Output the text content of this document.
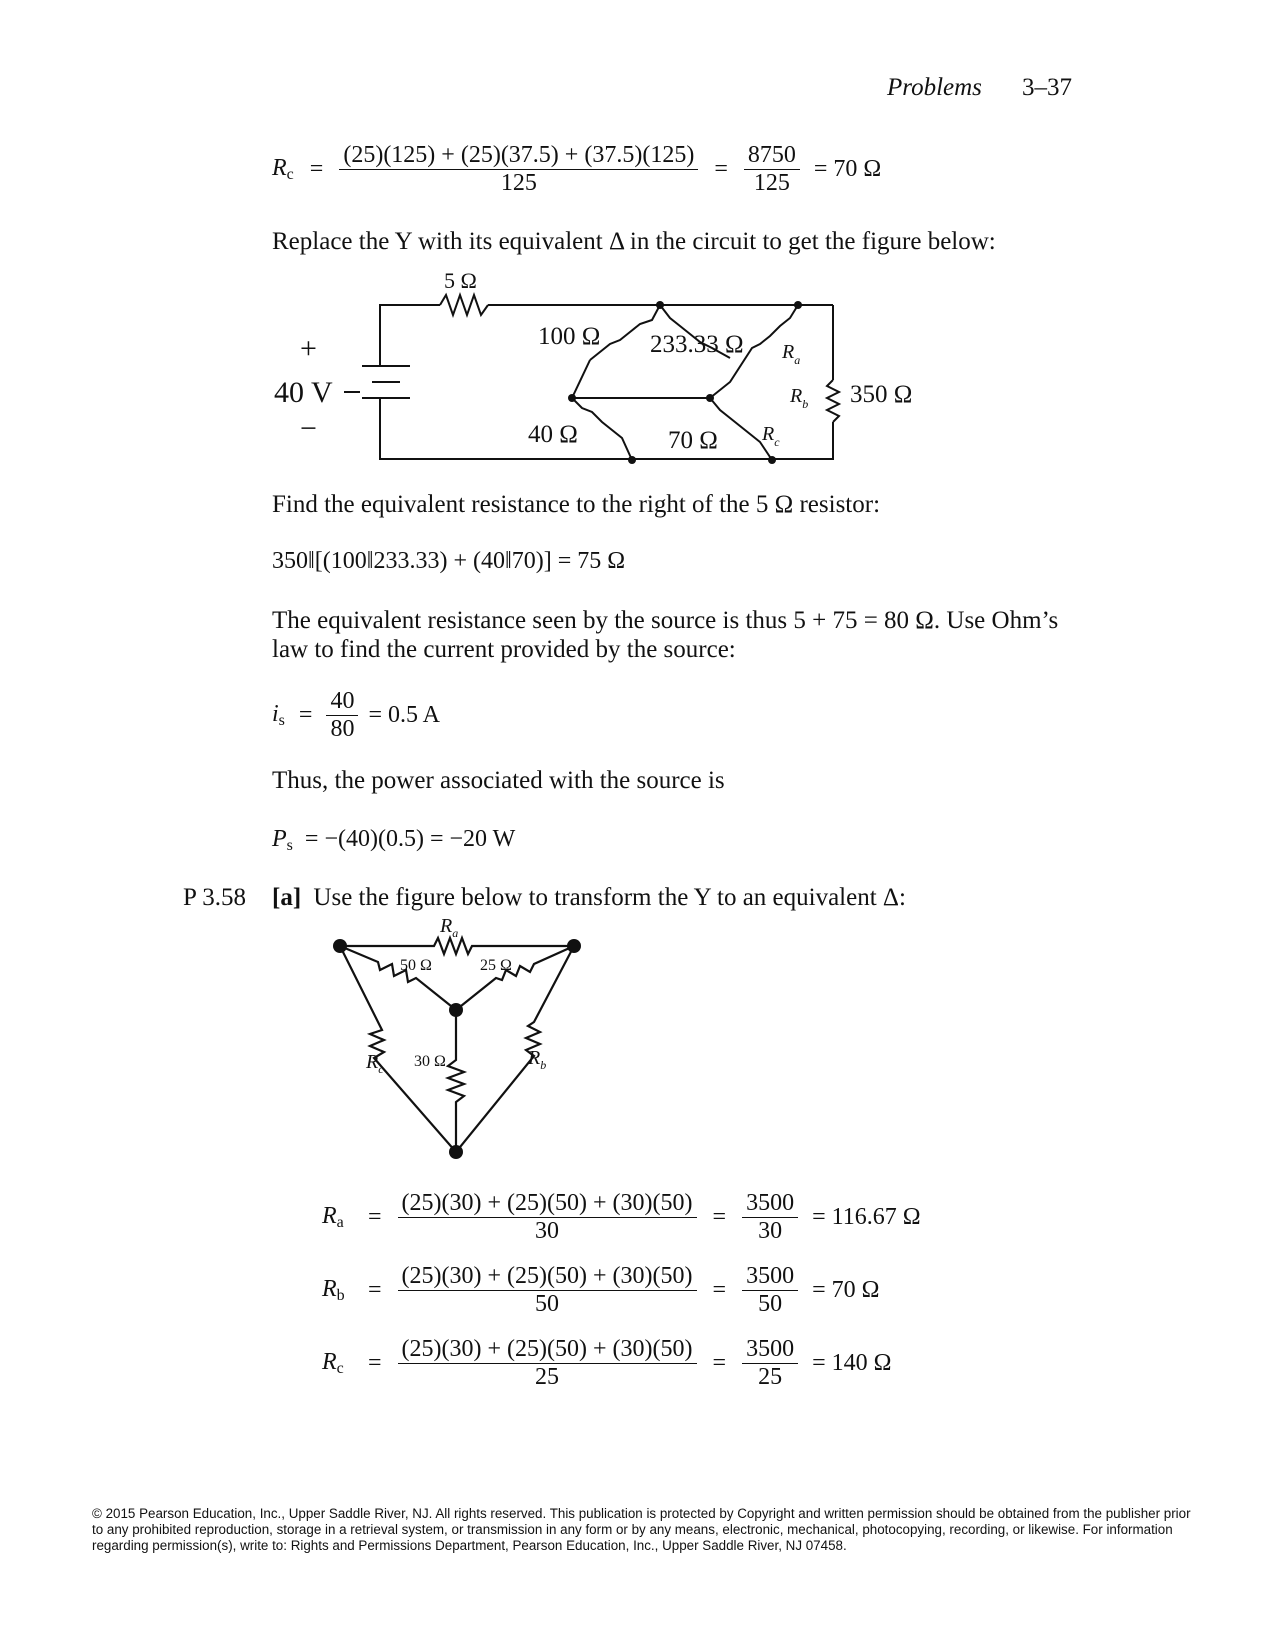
Problems 3–37
$R_c = \frac{(25)(125) + (25)(37.5) + (37.5)(125)}{125} = \frac{8750}{125} = 70$ Ω
Replace the Y with its equivalent Δ in the circuit to get the figure below:
5 Ω
+
40 V
−
100 Ω 233.33 Ω $R_a$
$R_b$ 350 Ω
40 Ω	70 Ω $R_c$
Find the equivalent resistance to the right of the 5 Ω resistor:
350‖[(100‖233.33) + (40‖70)] = 75 Ω
The equivalent resistance seen by the source is thus 5 + 75 = 80 Ω. Use Ohm’s
law to find the current provided by the source:
$i_s = \frac{40}{80} = 0.5$ A
Thus, the power associated with the source is
$P_s = -(40)(0.5) = -20$ W
P 3.58 [a] Use the figure below to transform the Y to an equivalent Δ:
$R_a$
50 Ω	25 Ω
$R_c$ 30 Ω	$R_b$
$R_a = \frac{(25)(30) + (25)(50) + (30)(50)}{30} = \frac{3500}{30} = 116.67$ Ω
$R_b = \frac{(25)(30) + (25)(50) + (30)(50)}{50} = \frac{3500}{50} = 70$ Ω
$R_c = \frac{(25)(30) + (25)(50) + (30)(50)}{25} = \frac{3500}{25} = 140$ Ω
© 2015 Pearson Education, Inc., Upper Saddle River, NJ. All rights reserved. This publication is protected by Copyright and written permission should be obtained from the publisher prior to any prohibited reproduction, storage in a retrieval system, or transmission in any form or by any means, electronic, mechanical, photocopying, recording, or likewise. For information regarding permission(s), write to: Rights and Permissions Department, Pearson Education, Inc., Upper Saddle River, NJ 07458.
